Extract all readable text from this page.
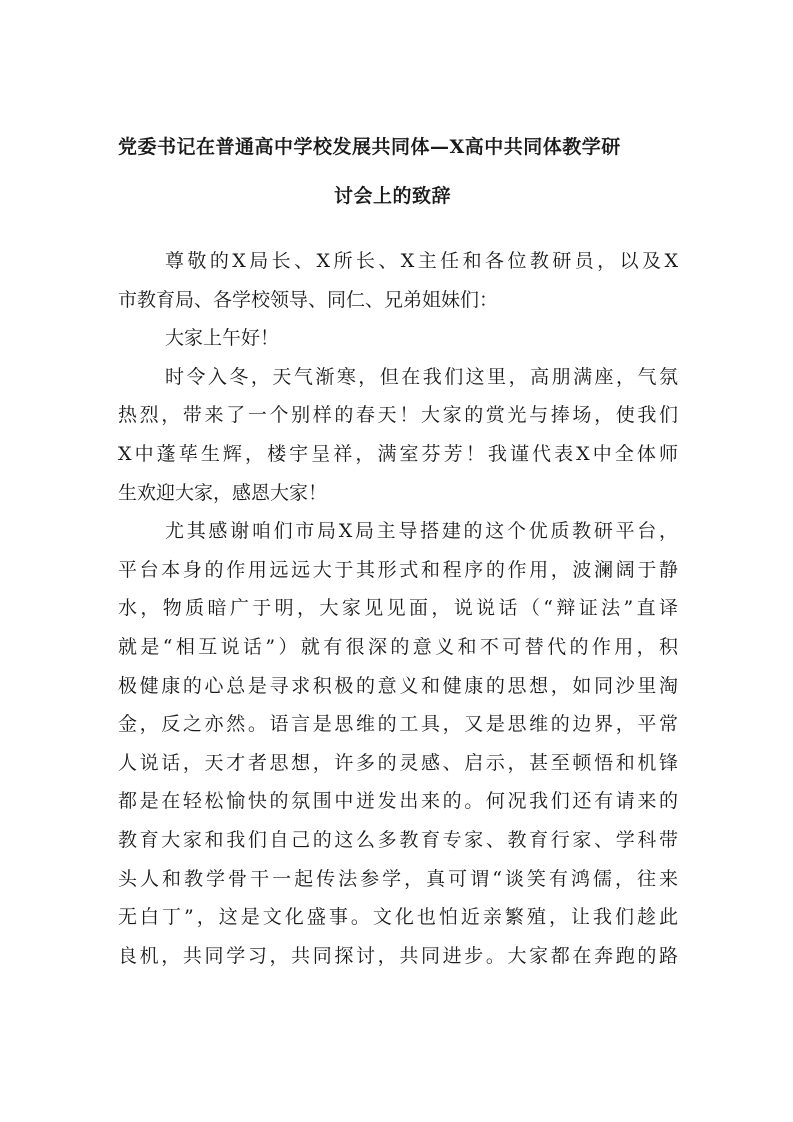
党委书记在普通高中学校发展共同体—X高中共同体教学研
讨会上的致辞
尊敬的X局长、X所长、X主任和各位教研员，以及X
市教育局、各学校领导、同仁、兄弟姐妹们：
大家上午好！
时令入冬，天气渐寒，但在我们这里，高朋满座，气氛
热烈，带来了一个别样的春天！大家的赏光与捧场，使我们
X中蓬荜生辉，楼宇呈祥，满室芬芳！我谨代表X中全体师
生欢迎大家，感恩大家！
尤其感谢咱们市局X局主导搭建的这个优质教研平台，
平台本身的作用远远大于其形式和程序的作用，波澜阔于静
水，物质暗广于明，大家见见面，说说话（“辩证法”直译
就是“相互说话”）就有很深的意义和不可替代的作用，积
极健康的心总是寻求积极的意义和健康的思想，如同沙里淘
金，反之亦然。语言是思维的工具，又是思维的边界，平常
人说话，天才者思想，许多的灵感、启示，甚至顿悟和机锋
都是在轻松愉快的氛围中迸发出来的。何况我们还有请来的
教育大家和我们自己的这么多教育专家、教育行家、学科带
头人和教学骨干一起传法参学，真可谓“谈笑有鸿儒，往来
无白丁”，这是文化盛事。文化也怕近亲繁殖，让我们趁此
良机，共同学习，共同探讨，共同进步。大家都在奔跑的路
